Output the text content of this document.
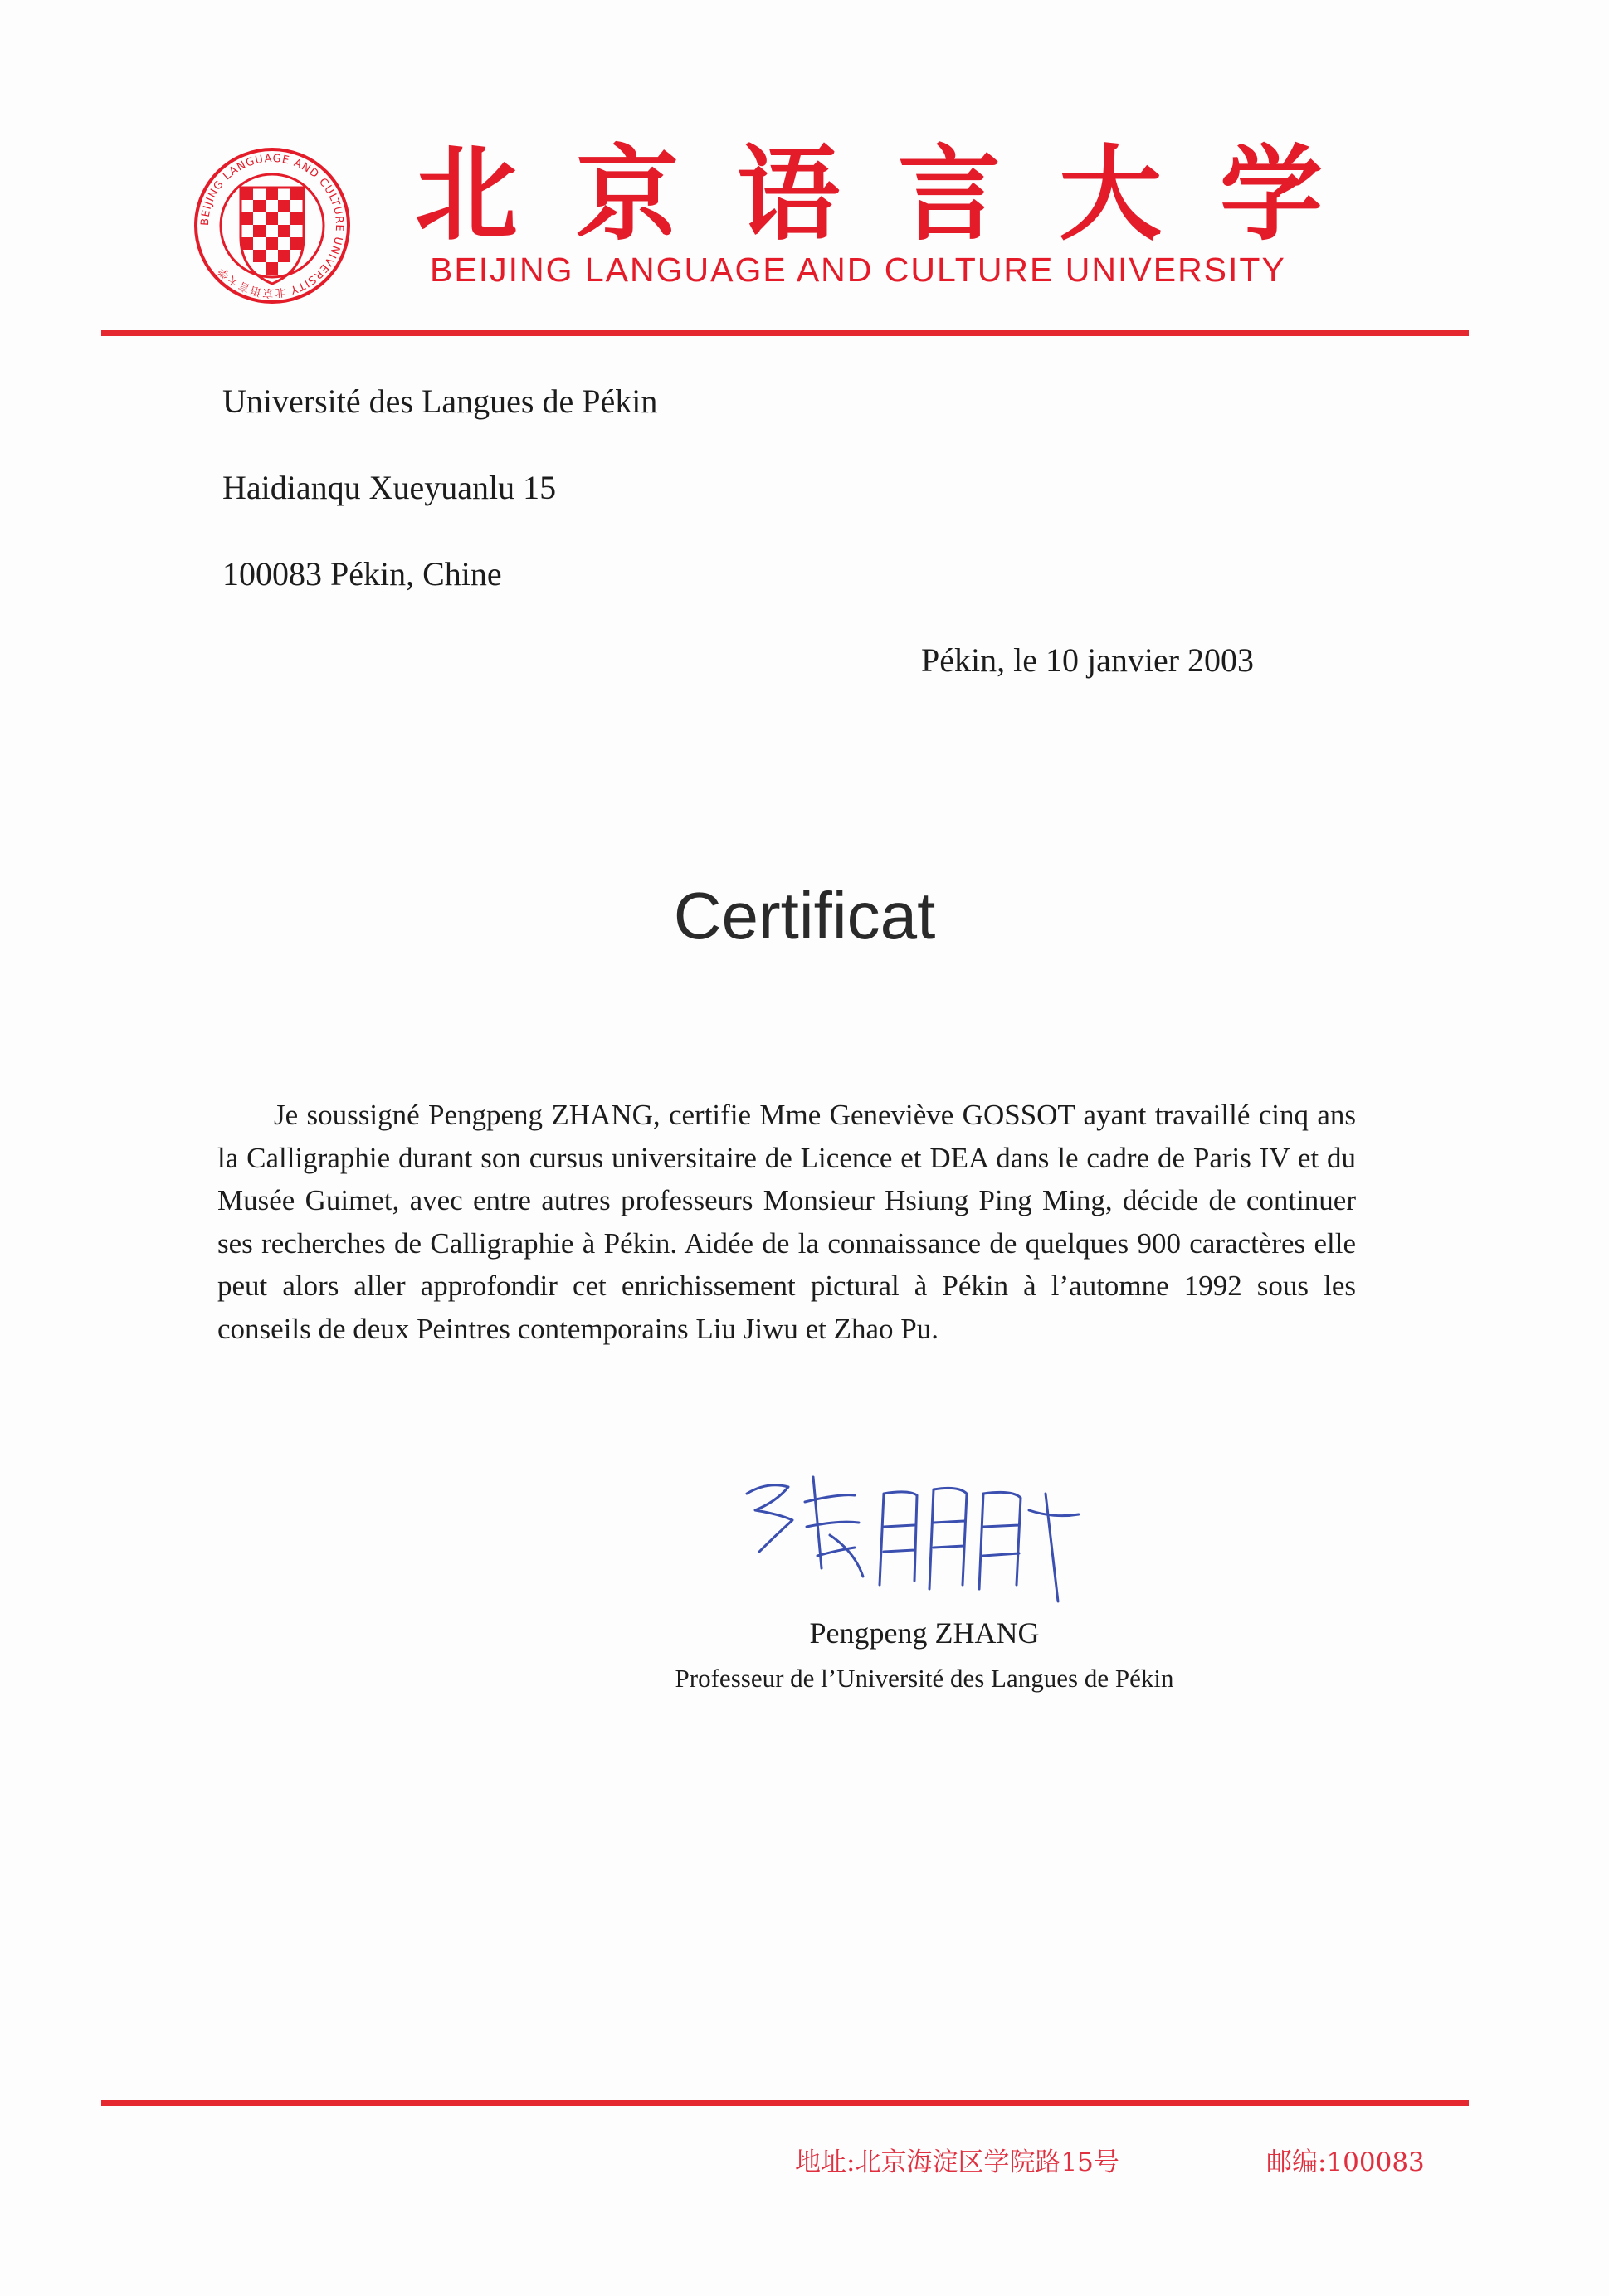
BEIJING LANGUAGE AND CULTURE UNIVERSITY 北京语言大学
北京语言大学
BEIJING LANGUAGE AND CULTURE UNIVERSITY
Université des Langues de Pékin
Haidianqu Xueyuanlu 15
100083 Pékin, Chine
Pékin, le 10 janvier 2003
Certificat
Je soussigné Pengpeng ZHANG, certifie Mme Geneviève GOSSOT ayant travaillé cinq ans la Calligraphie durant son cursus universitaire de Licence et DEA dans le cadre de Paris IV et du Musée Guimet, avec entre autres professeurs Monsieur Hsiung Ping Ming, décide de continuer ses recherches de Calligraphie à Pékin. Aidée de la connaissance de quelques 900 caractères elle peut alors aller approfondir cet enrichissement pictural à Pékin à l’automne 1992 sous les conseils de deux Peintres contemporains Liu Jiwu et Zhao Pu.
Pengpeng ZHANG
Professeur de l’Université des Langues de Pékin
地址:北京海淀区学院路15号	邮编:100083
